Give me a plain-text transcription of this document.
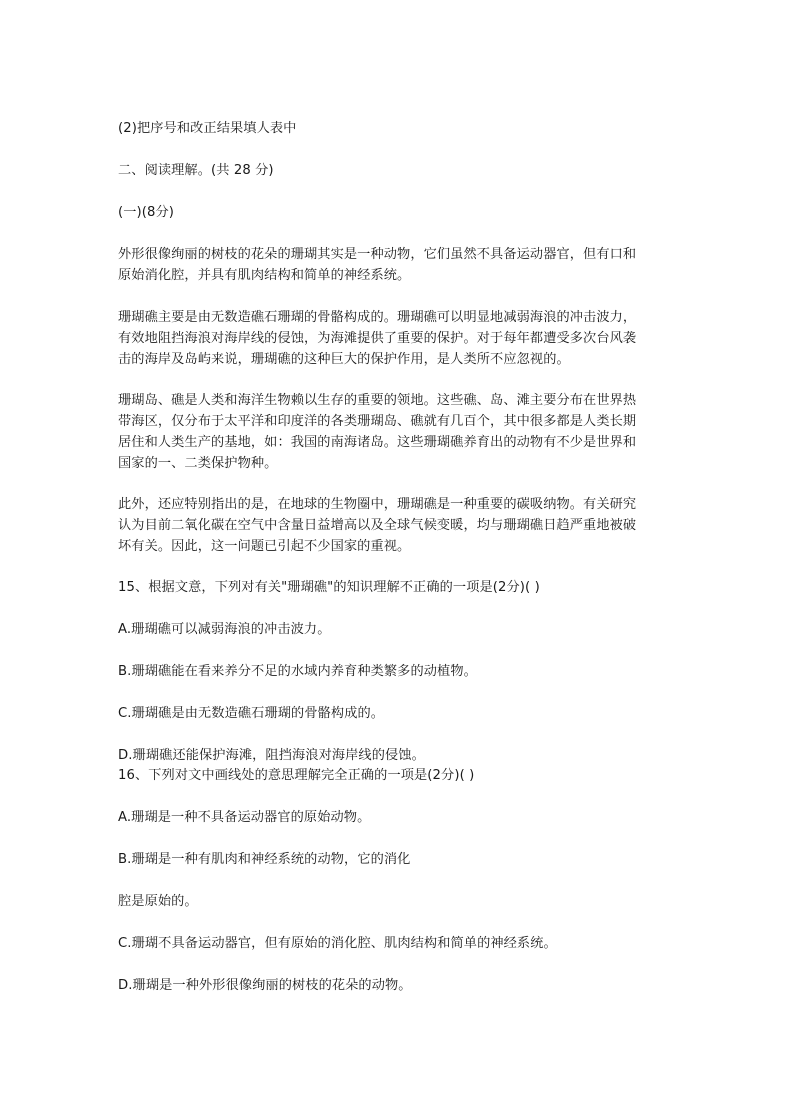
(2)把序号和改正结果填人表中
二、阅读理解。(共 28 分)
(一)(8分)
外形很像绚丽的树枝的花朵的珊瑚其实是一种动物，它们虽然不具备运动器官，但有口和
原始消化腔，并具有肌肉结构和简单的神经系统。
珊瑚礁主要是由无数造礁石珊瑚的骨骼构成的。珊瑚礁可以明显地减弱海浪的冲击波力，
有效地阻挡海浪对海岸线的侵蚀，为海滩提供了重要的保护。对于每年都遭受多次台风袭
击的海岸及岛屿来说，珊瑚礁的这种巨大的保护作用，是人类所不应忽视的。
珊瑚岛、礁是人类和海洋生物赖以生存的重要的领地。这些礁、岛、滩主要分布在世界热
带海区，仅分布于太平洋和印度洋的各类珊瑚岛、礁就有几百个，其中很多都是人类长期
居住和人类生产的基地，如：我国的南海诸岛。这些珊瑚礁养育出的动物有不少是世界和
国家的一、二类保护物种。
此外，还应特别指出的是，在地球的生物圈中，珊瑚礁是一种重要的碳吸纳物。有关研究
认为目前二氧化碳在空气中含量日益增高以及全球气候变暖，均与珊瑚礁日趋严重地被破
坏有关。因此，这一问题已引起不少国家的重视。
15、根据文意，下列对有关"珊瑚礁"的知识理解不正确的一项是(2分)( )
A.珊瑚礁可以减弱海浪的冲击波力。
B.珊瑚礁能在看来养分不足的水域内养育种类繁多的动植物。
C.珊瑚礁是由无数造礁石珊瑚的骨骼构成的。
D.珊瑚礁还能保护海滩，阻挡海浪对海岸线的侵蚀。
16、下列对文中画线处的意思理解完全正确的一项是(2分)( )
A.珊瑚是一种不具备运动器官的原始动物。
B.珊瑚是一种有肌肉和神经系统的动物，它的消化
腔是原始的。
C.珊瑚不具备运动器官，但有原始的消化腔、肌肉结构和简单的神经系统。
D.珊瑚是一种外形很像绚丽的树枝的花朵的动物。
